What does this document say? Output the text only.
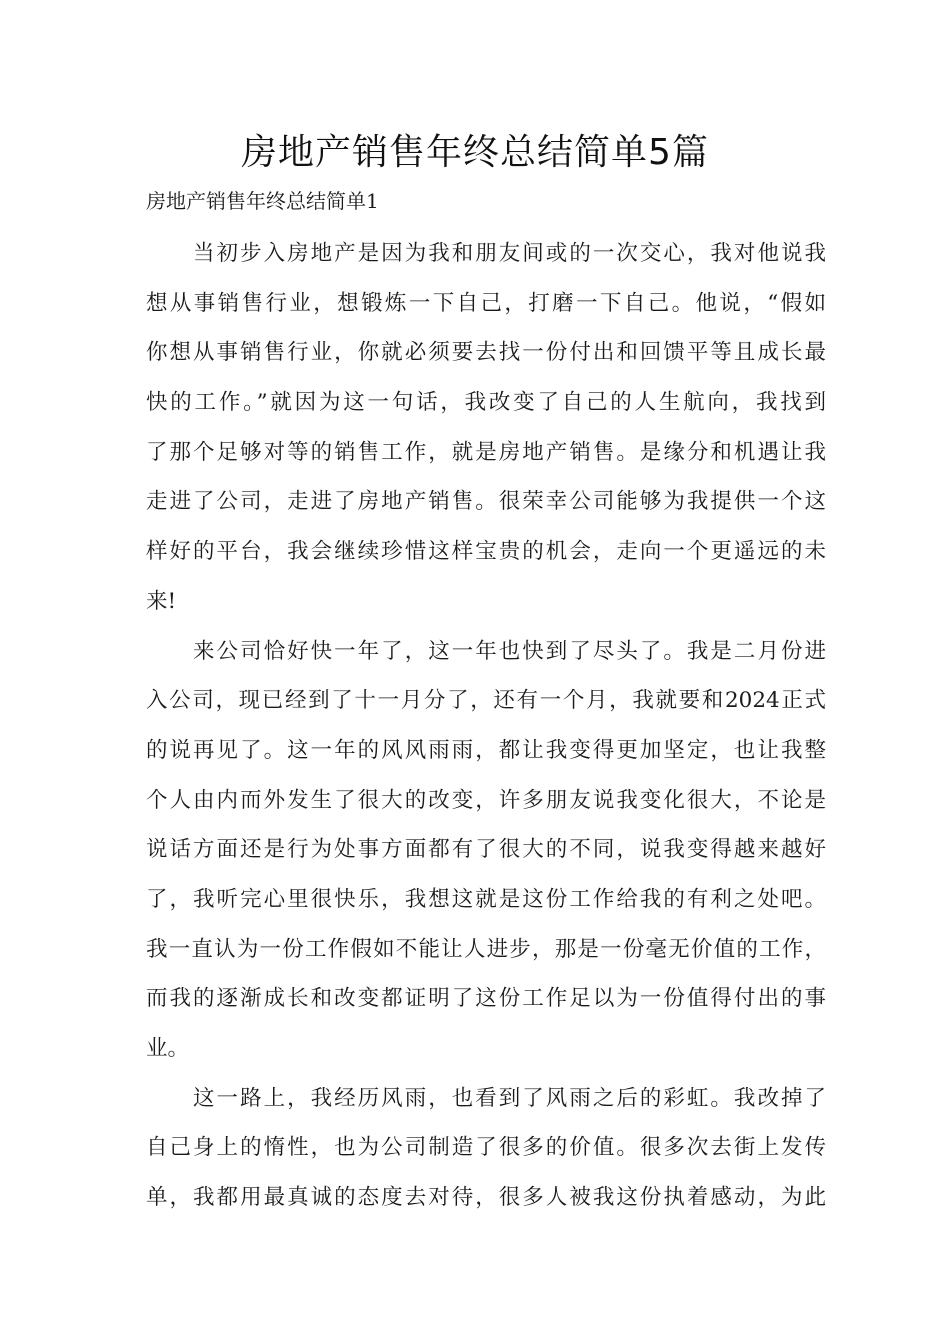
房地产销售年终总结简单5篇
房地产销售年终总结简单1
　　当初步入房地产是因为我和朋友间或的一次交心，我对他说我
想从事销售行业，想锻炼一下自己，打磨一下自己。他说，“假如
你想从事销售行业，你就必须要去找一份付出和回馈平等且成长最
快的工作。”就因为这一句话，我改变了自己的人生航向，我找到
了那个足够对等的销售工作，就是房地产销售。是缘分和机遇让我
走进了公司，走进了房地产销售。很荣幸公司能够为我提供一个这
样好的平台，我会继续珍惜这样宝贵的机会，走向一个更遥远的未
来!
　　来公司恰好快一年了，这一年也快到了尽头了。我是二月份进
入公司，现已经到了十一月分了，还有一个月，我就要和2024正式
的说再见了。这一年的风风雨雨，都让我变得更加坚定，也让我整
个人由内而外发生了很大的改变，许多朋友说我变化很大，不论是
说话方面还是行为处事方面都有了很大的不同，说我变得越来越好
了，我听完心里很快乐，我想这就是这份工作给我的有利之处吧。
我一直认为一份工作假如不能让人进步，那是一份毫无价值的工作，
而我的逐渐成长和改变都证明了这份工作足以为一份值得付出的事
业。
　　这一路上，我经历风雨，也看到了风雨之后的彩虹。我改掉了
自己身上的惰性，也为公司制造了很多的价值。很多次去街上发传
单，我都用最真诚的态度去对待，很多人被我这份执着感动，为此
